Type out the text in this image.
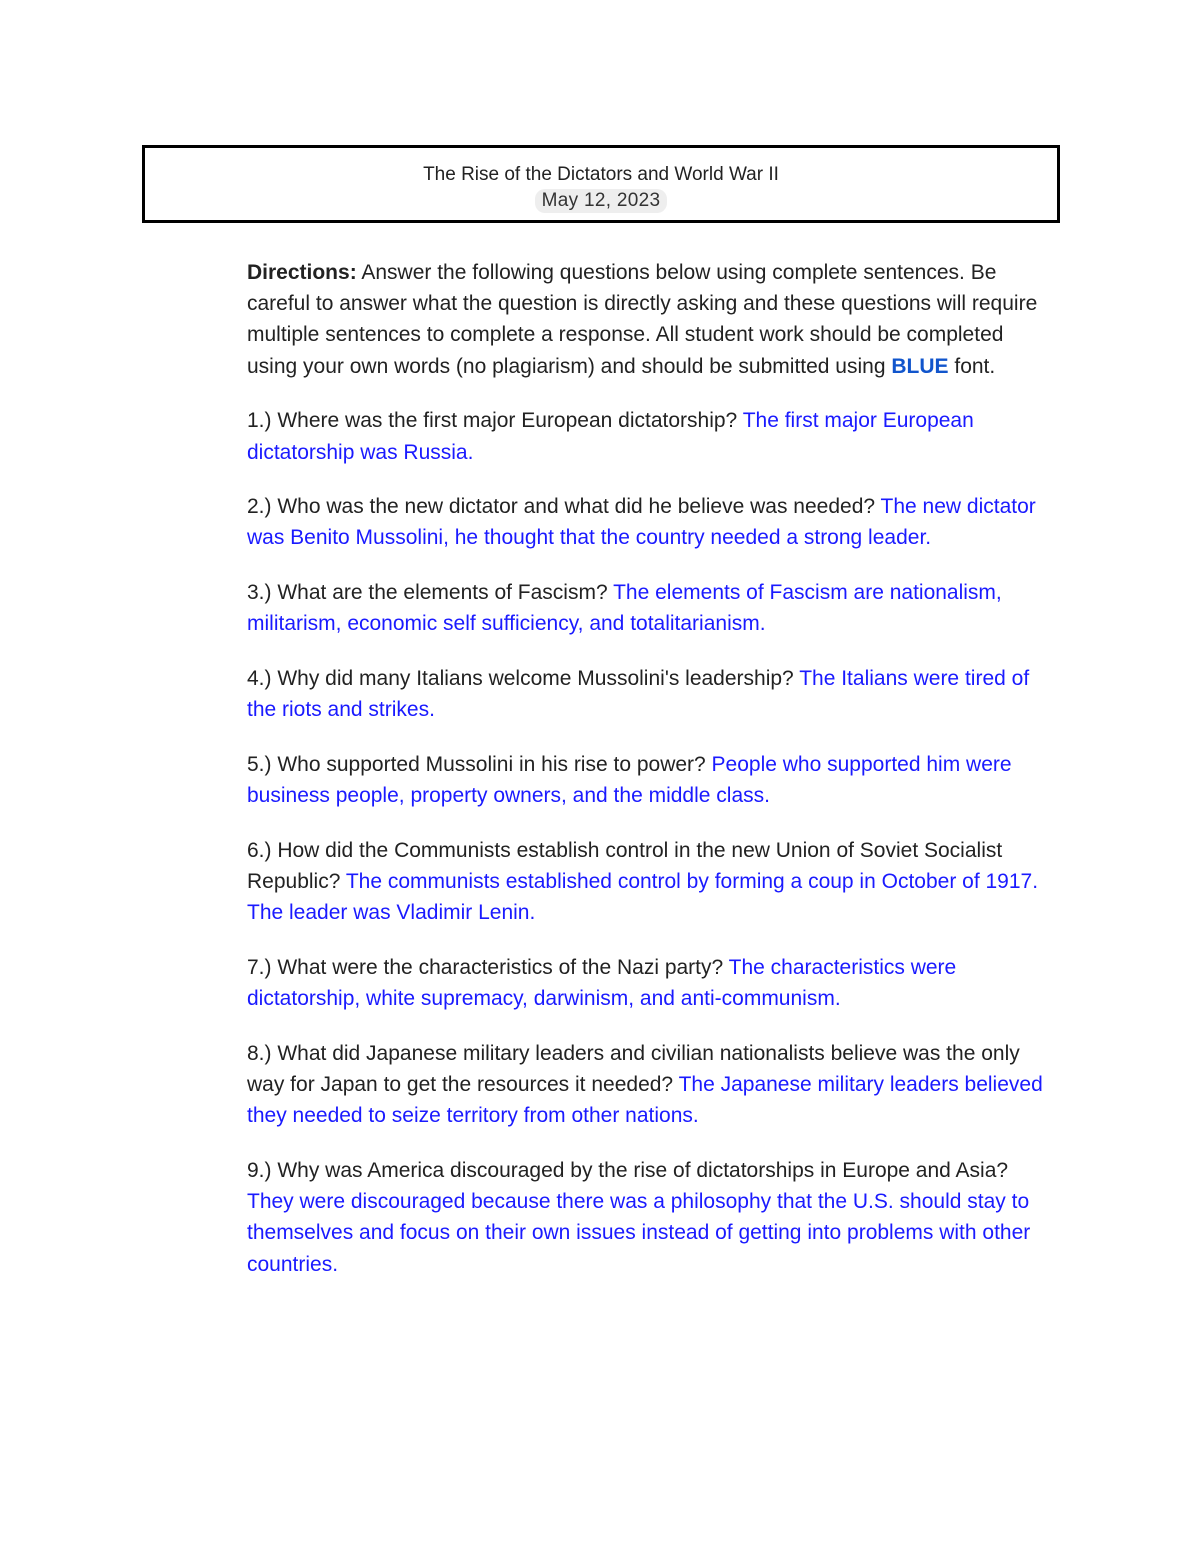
The Rise of the Dictators and World War II
May 12, 2023

Directions: Answer the following questions below using complete sentences. Be careful to answer what the question is directly asking and these questions will require multiple sentences to complete a response. All student work should be completed using your own words (no plagiarism) and should be submitted using BLUE font.

1.) Where was the first major European dictatorship? The first major European dictatorship was Russia.

2.) Who was the new dictator and what did he believe was needed? The new dictator was Benito Mussolini, he thought that the country needed a strong leader.

3.) What are the elements of Fascism? The elements of Fascism are nationalism, militarism, economic self sufficiency, and totalitarianism.

4.) Why did many Italians welcome Mussolini's leadership? The Italians were tired of the riots and strikes.

5.) Who supported Mussolini in his rise to power? People who supported him were business people, property owners, and the middle class.

6.) How did the Communists establish control in the new Union of Soviet Socialist Republic? The communists established control by forming a coup in October of 1917. The leader was Vladimir Lenin.

7.) What were the characteristics of the Nazi party? The characteristics were dictatorship, white supremacy, darwinism, and anti-communism.

8.) What did Japanese military leaders and civilian nationalists believe was the only way for Japan to get the resources it needed? The Japanese military leaders believed they needed to seize territory from other nations.

9.) Why was America discouraged by the rise of dictatorships in Europe and Asia? They were discouraged because there was a philosophy that the U.S. should stay to themselves and focus on their own issues instead of getting into problems with other countries.
